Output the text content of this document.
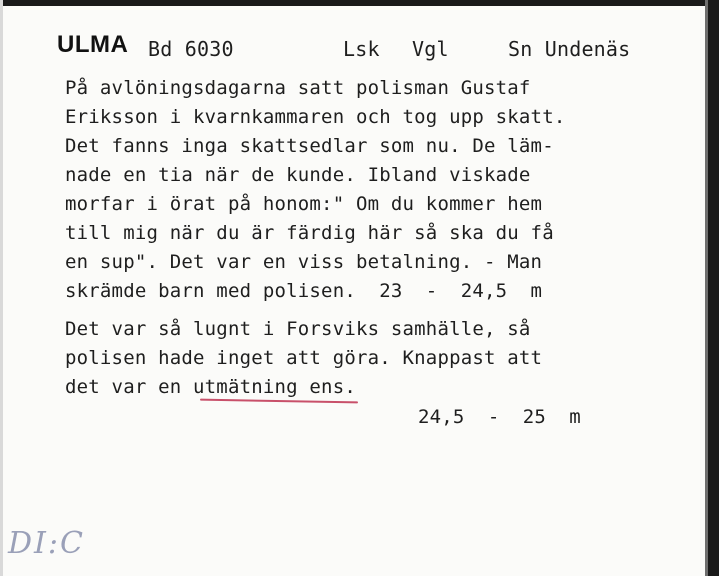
ULMA Bd 6030	Lsk Vgl	Sn Undenäs

På avlöningsdagarna satt polisman Gustaf

Eriksson i kvarnkammaren och tog upp skatt.

Det fanns inga skattsedlar som nu. De läm-

nade en tia när de kunde. Ibland viskade

morfar i örat på honom:" Om du kommer hem

till mig när du är färdig här så ska du få

en sup". Det var en viss betalning. - Man

skrämde barn med polisen.  23  -  24,5  m

Det var så lugnt i Forsviks samhälle, så

polisen hade inget att göra. Knappast att

det var en utmätning ens.

24,5  -  25  m

DI:C
